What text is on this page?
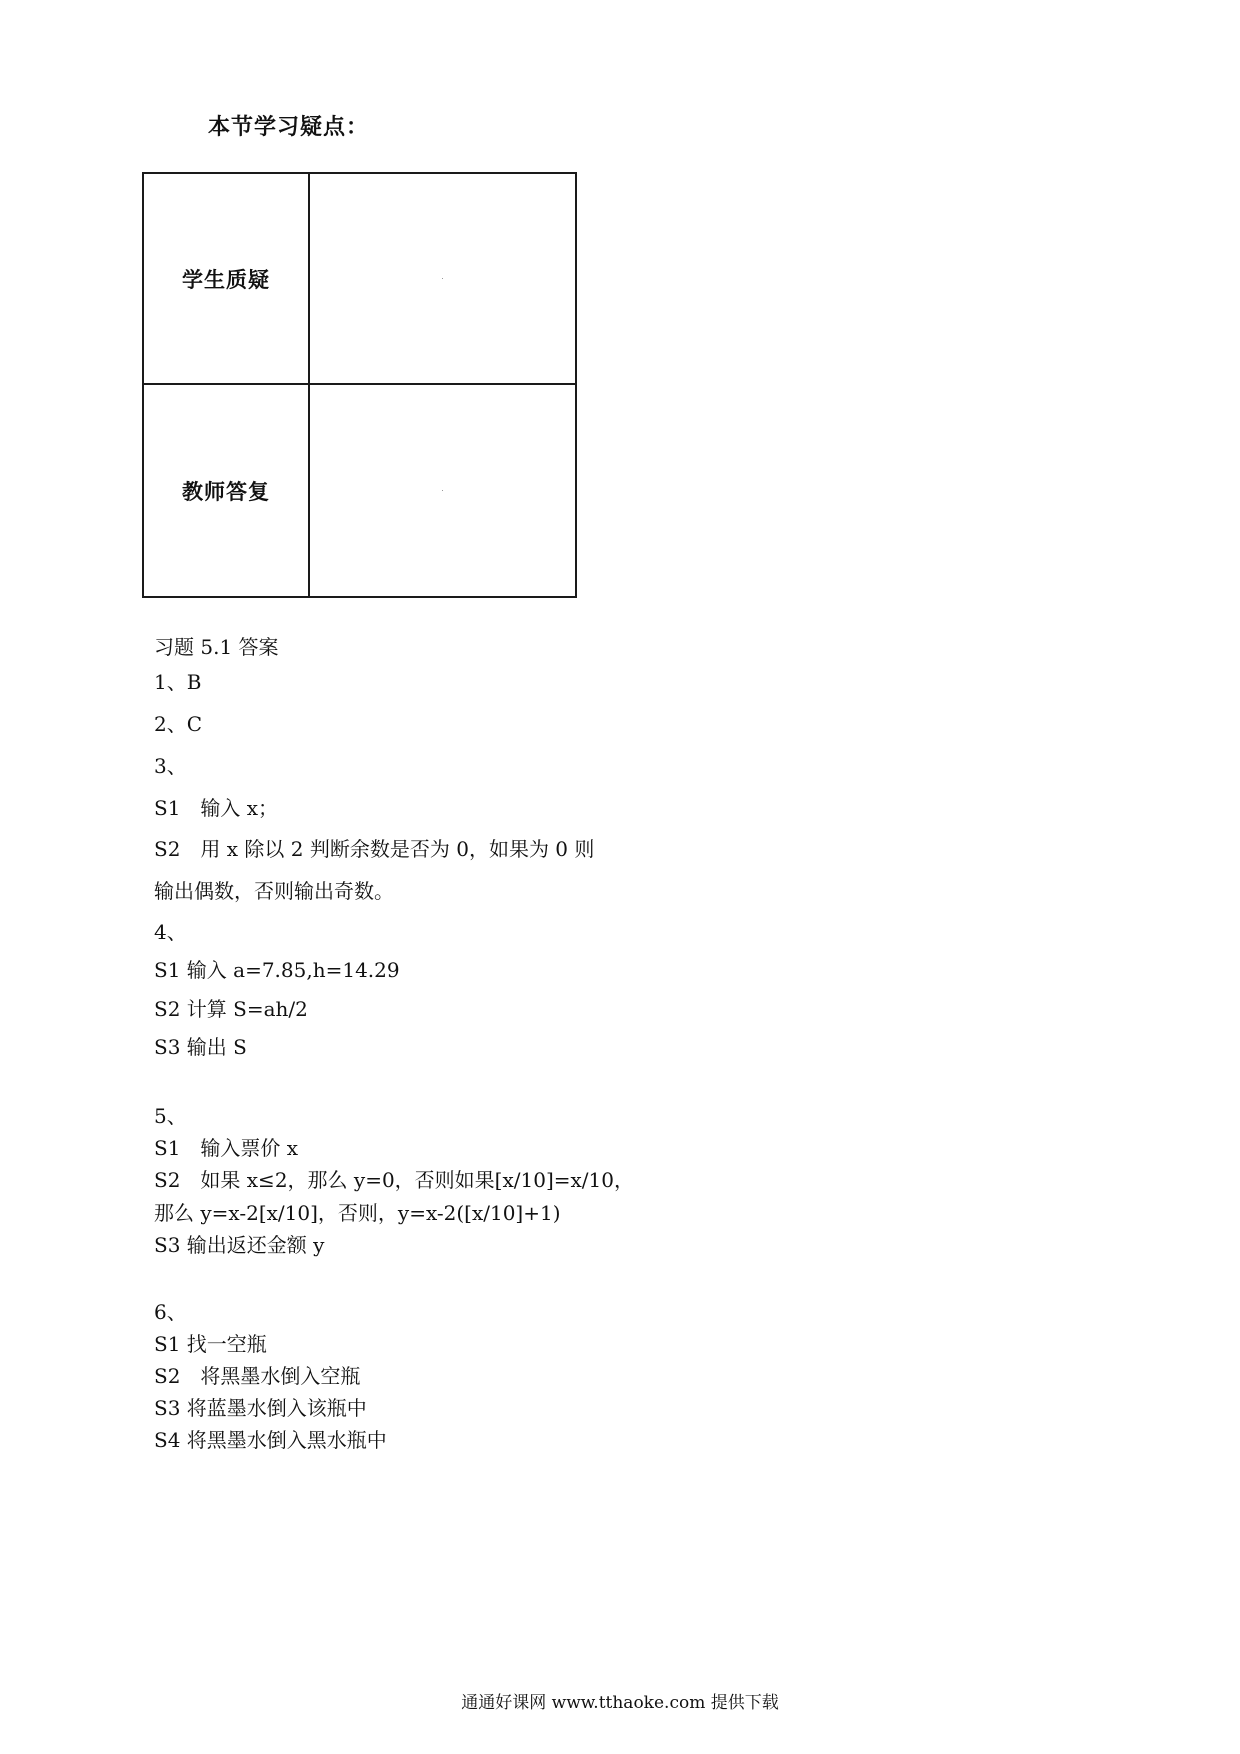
本节学习疑点：
学生质疑
教师答复
习题 5.1 答案
1、B
2、C
3、
S1　输入 x；
S2　用 x 除以 2 判断余数是否为 0，如果为 0 则
输出偶数，否则输出奇数。
4、
S1 输入 a=7.85,h=14.29
S2 计算 S=ah/2
S3 输出 S
5、
S1　输入票价 x
S2　如果 x≤2，那么 y=0，否则如果[x/10]=x/10，
那么 y=x-2[x/10]，否则，y=x-2([x/10]+1)
S3 输出返还金额 y
6、
S1 找一空瓶
S2　将黑墨水倒入空瓶
S3 将蓝墨水倒入该瓶中
S4 将黑墨水倒入黑水瓶中
通通好课网 www.tthaoke.com 提供下载
